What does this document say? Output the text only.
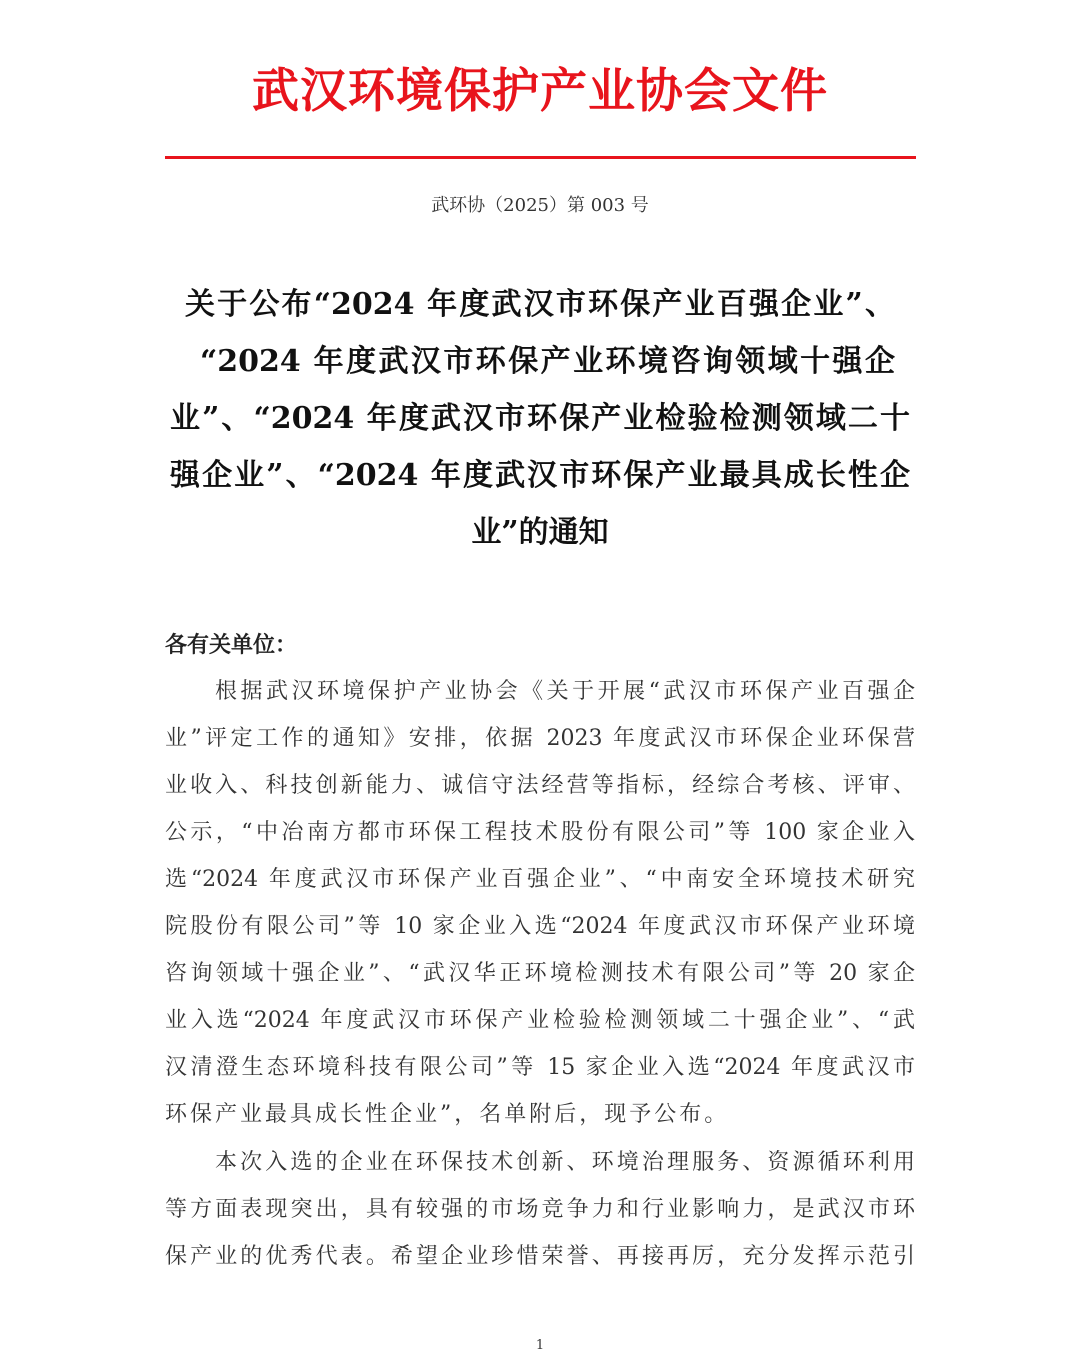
武汉环境保护产业协会文件
武环协（2025）第 003 号
关于公布“2024 年度武汉市环保产业百强企业”、
“2024 年度武汉市环保产业环境咨询领域十强企
业”、“2024 年度武汉市环保产业检验检测领域二十
强企业”、“2024 年度武汉市环保产业最具成长性企
业”的通知
各有关单位：
根据武汉环境保护产业协会《关于开展“武汉市环保产业百强企
业”评定工作的通知》安排，依据 2023 年度武汉市环保企业环保营
业收入、科技创新能力、诚信守法经营等指标，经综合考核、评审、
公示，“中冶南方都市环保工程技术股份有限公司”等 100 家企业入
选“2024 年度武汉市环保产业百强企业”、“中南安全环境技术研究
院股份有限公司”等 10 家企业入选“2024 年度武汉市环保产业环境
咨询领域十强企业”、“武汉华正环境检测技术有限公司”等 20 家企
业入选“2024 年度武汉市环保产业检验检测领域二十强企业”、“武
汉清澄生态环境科技有限公司”等 15 家企业入选“2024 年度武汉市
环保产业最具成长性企业”，名单附后，现予公布。
本次入选的企业在环保技术创新、环境治理服务、资源循环利用
等方面表现突出，具有较强的市场竞争力和行业影响力，是武汉市环
保产业的优秀代表。希望企业珍惜荣誉、再接再厉，充分发挥示范引
1
